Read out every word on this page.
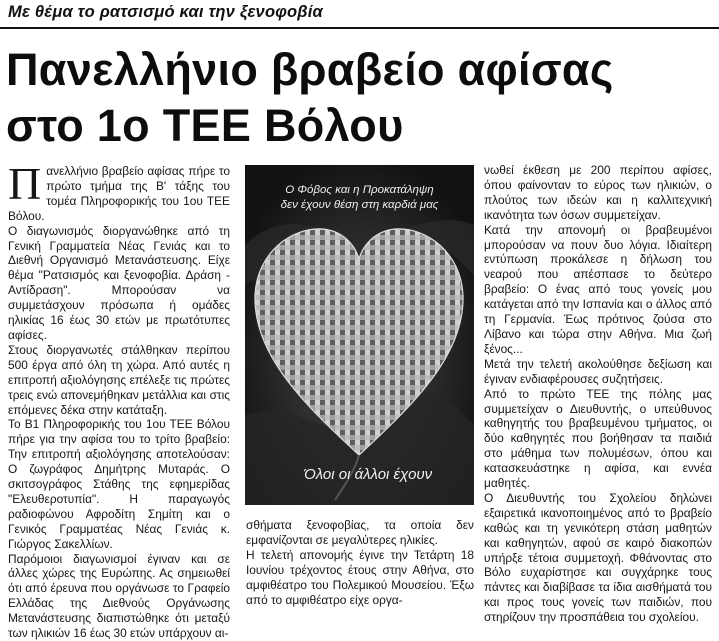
Με θέμα το ρατσισμό και την ξενοφοβία
Πανελλήνιο βραβείο αφίσας
στο 1ο ΤΕΕ Βόλου

Πανελλήνιο βραβείο αφίσας πήρε το πρώτο τμήμα της Β' τάξης του τομέα Πληροφορικής του 1ου ΤΕΕ Βόλου.

Ο διαγωνισμός διοργανώθηκε από τη Γενική Γραμματεία Νέας Γενιάς και το Διεθνή Οργανισμό Μετανάστευσης. Είχε θέμα "Ρατσισμός και ξενοφοβία. Δράση - Αντίδραση". Μπορούσαν να συμμετάσχουν πρόσωπα ή ομάδες ηλικίας 16 έως 30 ετών με πρωτότυπες αφίσες.

Στους διοργανωτές στάλθηκαν περίπου 500 έργα από όλη τη χώρα. Από αυτές η επιτροπή αξιολόγησης επέλεξε τις πρώτες τρεις ενώ απονεμήθηκαν μετάλλια και στις επόμενες δέκα στην κατάταξη.

Το Β1 Πληροφορικής του 1ου ΤΕΕ Βόλου πήρε για την αφίσα του το τρίτο βραβείο: Την επιτροπή αξιολόγησης αποτελούσαν: Ο ζωγράφος Δημήτρης Μυταράς. Ο σκιτσογράφος Στάθης της εφημερίδας "Ελευθεροτυπία". Η παραγωγός ραδιοφώνου Αφροδίτη Σημίτη και ο Γενικός Γραμματέας Νέας Γενιάς κ. Γιώργος Σακελλίων.

Παρόμοιοι διαγωνισμοί έγιναν και σε άλλες χώρες της Ευρώπης. Ας σημειωθεί ότι από έρευνα που οργάνωσε το Γραφείο Ελλάδας της Διεθνούς Οργάνωσης Μετανάστευσης διαπιστώθηκε ότι μεταξύ των ηλικιών 16 έως 30 ετών υπάρχουν αι-

Ο Φόβος και η Προκατάληψη
δεν έχουν θέση στη καρδιά μας
Όλοι οι άλλοι έχουν

σθήματα ξενοφοβίας, τα οποία δεν εμφανίζονται σε μεγαλύτερες ηλικίες.

Η τελετή απονομής έγινε την Τετάρτη 18 Ιουνίου τρέχοντος έτους στην Αθήνα, στο αμφιθέατρο του Πολεμικού Μουσείου. Έξω από το αμφιθέατρο είχε οργα-

νωθεί έκθεση με 200 περίπου αφίσες, όπου φαίνονταν το εύρος των ηλικιών, ο πλούτος των ιδεών και η καλλιτεχνική ικανότητα των όσων συμμετείχαν.

Κατά την απονομή οι βραβευμένοι μπορούσαν να πουν δυο λόγια. Ιδιαίτερη εντύπωση προκάλεσε η δήλωση του νεαρού που απέσπασε το δεύτερο βραβείο: Ο ένας από τους γονείς μου κατάγεται από την Ισπανία και ο άλλος από τη Γερμανία. Έως πρότινος ζούσα στο Λίβανο και τώρα στην Αθήνα. Μια ζωή ξένος...

Μετά την τελετή ακολούθησε δεξίωση και έγιναν ενδιαφέρουσες συζητήσεις.

Από το πρώτο ΤΕΕ της πόλης μας συμμετείχαν ο Διευθυντής, ο υπεύθυνος καθηγητής του βραβευμένου τμήματος, οι δύο καθηγητές που βοήθησαν τα παιδιά στο μάθημα των πολυμέσων, όπου και κατασκευάστηκε η αφίσα, και εννέα μαθητές.

Ο Διευθυντής του Σχολείου δηλώνει εξαιρετικά ικανοποιημένος από το βραβείο καθώς και τη γενικότερη στάση μαθητών και καθηγητών, αφού σε καιρό διακοπών υπήρξε τέτοια συμμετοχή. Φθάνοντας στο Βόλο ευχαρίστησε και συγχάρηκε τους πάντες και διαβίβασε τα ίδια αισθήματά του και προς τους γονείς των παιδιών, που στηρίζουν την προσπάθεια του σχολείου.
